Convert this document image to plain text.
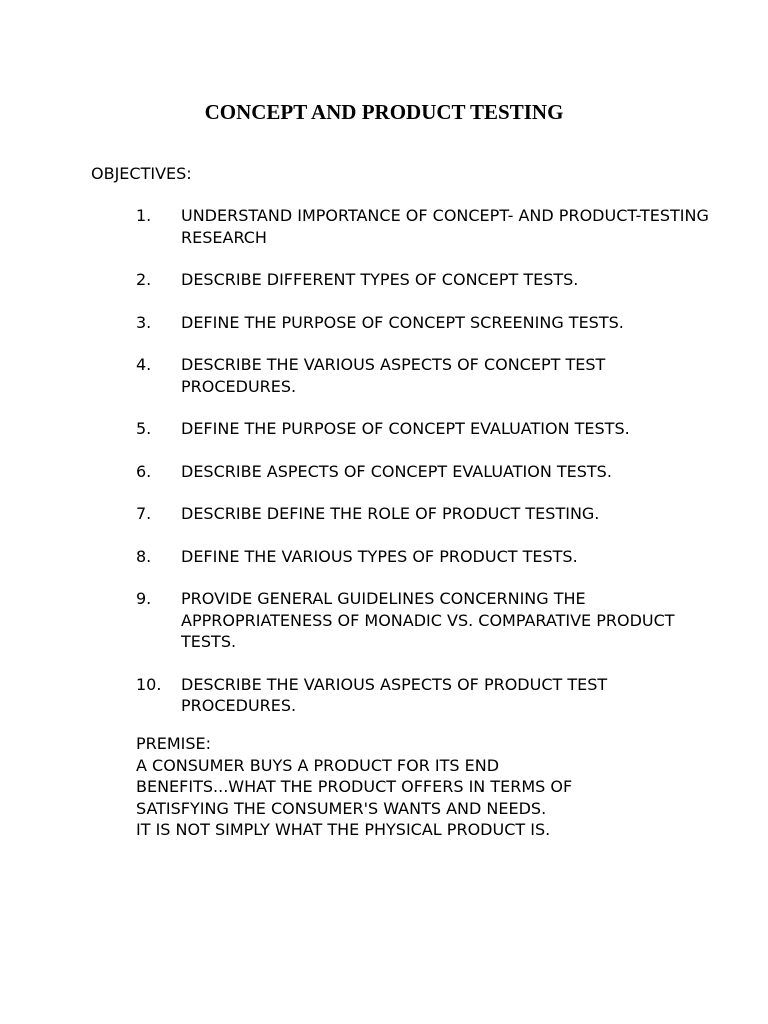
CONCEPT AND PRODUCT TESTING

OBJECTIVES:

1.	UNDERSTAND IMPORTANCE OF CONCEPT- AND PRODUCT-TESTING RESEARCH
2.	DESCRIBE DIFFERENT TYPES OF CONCEPT TESTS.
3.	DEFINE THE PURPOSE OF CONCEPT SCREENING TESTS.
4.	DESCRIBE THE VARIOUS ASPECTS OF CONCEPT TEST PROCEDURES.
5.	DEFINE THE PURPOSE OF CONCEPT EVALUATION TESTS.
6.	DESCRIBE ASPECTS OF CONCEPT EVALUATION TESTS.
7.	DESCRIBE DEFINE THE ROLE OF PRODUCT TESTING.
8.	DEFINE THE VARIOUS TYPES OF PRODUCT TESTS.
9.	PROVIDE GENERAL GUIDELINES CONCERNING THE APPROPRIATENESS OF MONADIC VS. COMPARATIVE PRODUCT TESTS.
10.	DESCRIBE THE VARIOUS ASPECTS OF PRODUCT TEST PROCEDURES.
PREMISE:
A CONSUMER BUYS A PRODUCT FOR ITS END
BENEFITS...WHAT THE PRODUCT OFFERS IN TERMS OF
SATISFYING THE CONSUMER'S WANTS AND NEEDS.
IT IS NOT SIMPLY WHAT THE PHYSICAL PRODUCT IS.
